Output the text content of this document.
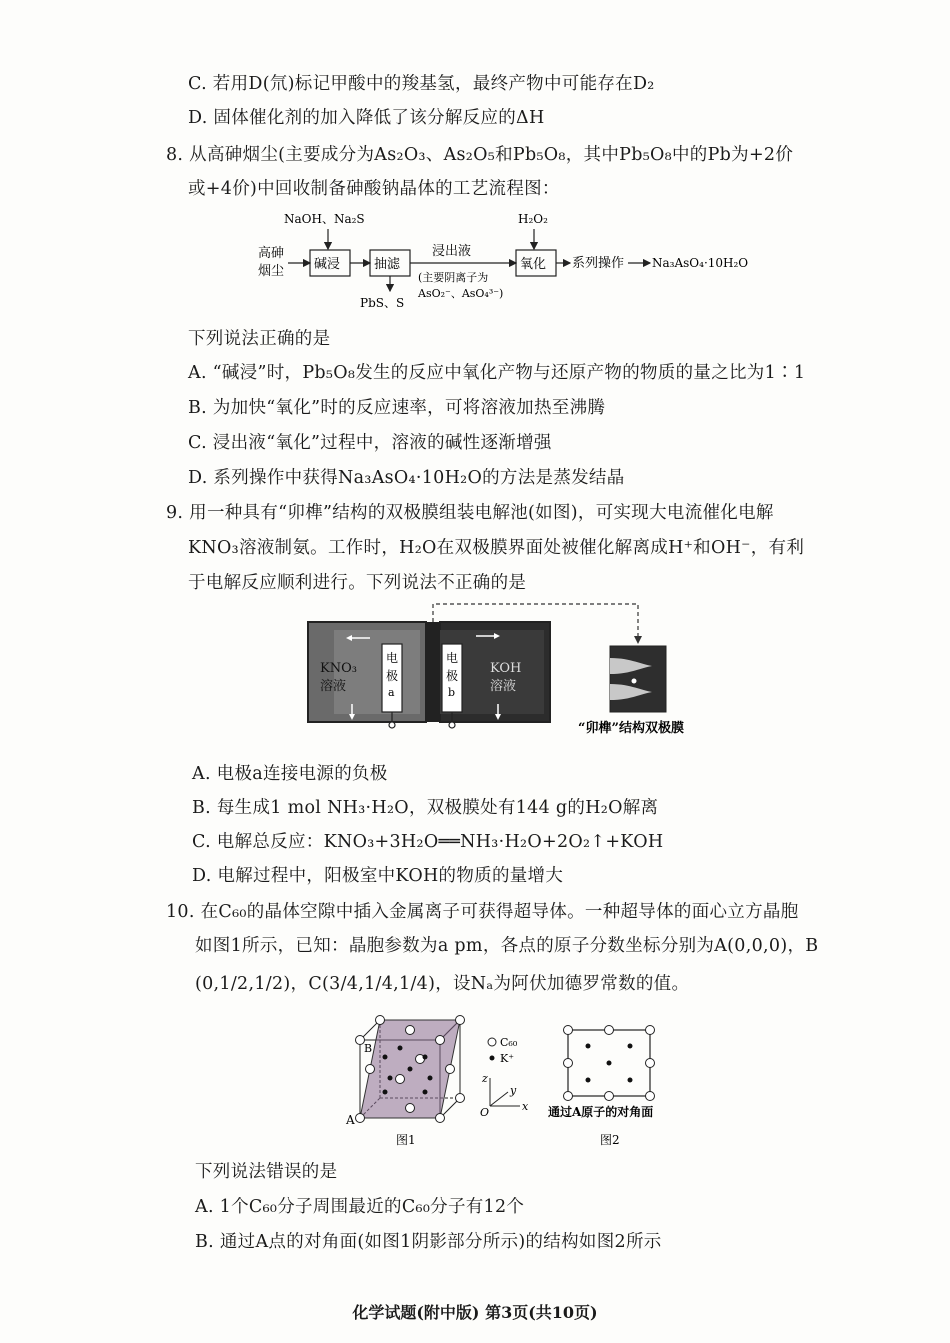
C. 若用D(氘)标记甲酸中的羧基氢，最终产物中可能存在D₂
D. 固体催化剂的加入降低了该分解反应的ΔH
8. 从高砷烟尘(主要成分为As₂O₃、As₂O₅和Pb₅O₈，其中Pb₅O₈中的Pb为+2价
或+4价)中回收制备砷酸钠晶体的工艺流程图：
高砷
烟尘
NaOH、Na₂S
碱浸	抽滤
PbS、S
浸出液
(主要阴离子为
AsO₂⁻、AsO₄³⁻)
H₂O₂
氧化 系列操作 Na₃AsO₄·10H₂O
下列说法正确的是
A. “碱浸”时，Pb₅O₈发生的反应中氧化产物与还原产物的物质的量之比为1∶1
B. 为加快“氧化”时的反应速率，可将溶液加热至沸腾
C. 浸出液“氧化”过程中，溶液的碱性逐渐增强
D. 系列操作中获得Na₃AsO₄·10H₂O的方法是蒸发结晶
9. 用一种具有“卯榫”结构的双极膜组装电解池(如图)，可实现大电流催化电解
KNO₃溶液制氨。工作时，H₂O在双极膜界面处被催化解离成H⁺和OH⁻，有利
于电解反应顺利进行。下列说法不正确的是
KNO₃
溶液
电
极
a
电
极
b
KOH
溶液
“卯榫”结构双极膜
A. 电极a连接电源的负极
B. 每生成1 mol NH₃·H₂O，双极膜处有144 g的H₂O解离
C. 电解总反应：KNO₃+3H₂O══NH₃·H₂O+2O₂↑+KOH
D. 电解过程中，阳极室中KOH的物质的量增大
10. 在C₆₀的晶体空隙中插入金属离子可获得超导体。一种超导体的面心立方晶胞
如图1所示，已知：晶胞参数为a pm，各点的原子分数坐标分别为A(0,0,0)，B
(0,1/2,1/2)，C(3/4,1/4,1/4)，设Nₐ为阿伏加德罗常数的值。
A
B
图1
C₆₀
K⁺
z
y
x
O	通过A原子的对角面
图2
下列说法错误的是
A. 1个C₆₀分子周围最近的C₆₀分子有12个
B. 通过A点的对角面(如图1阴影部分所示)的结构如图2所示
化学试题(附中版) 第3页(共10页)
